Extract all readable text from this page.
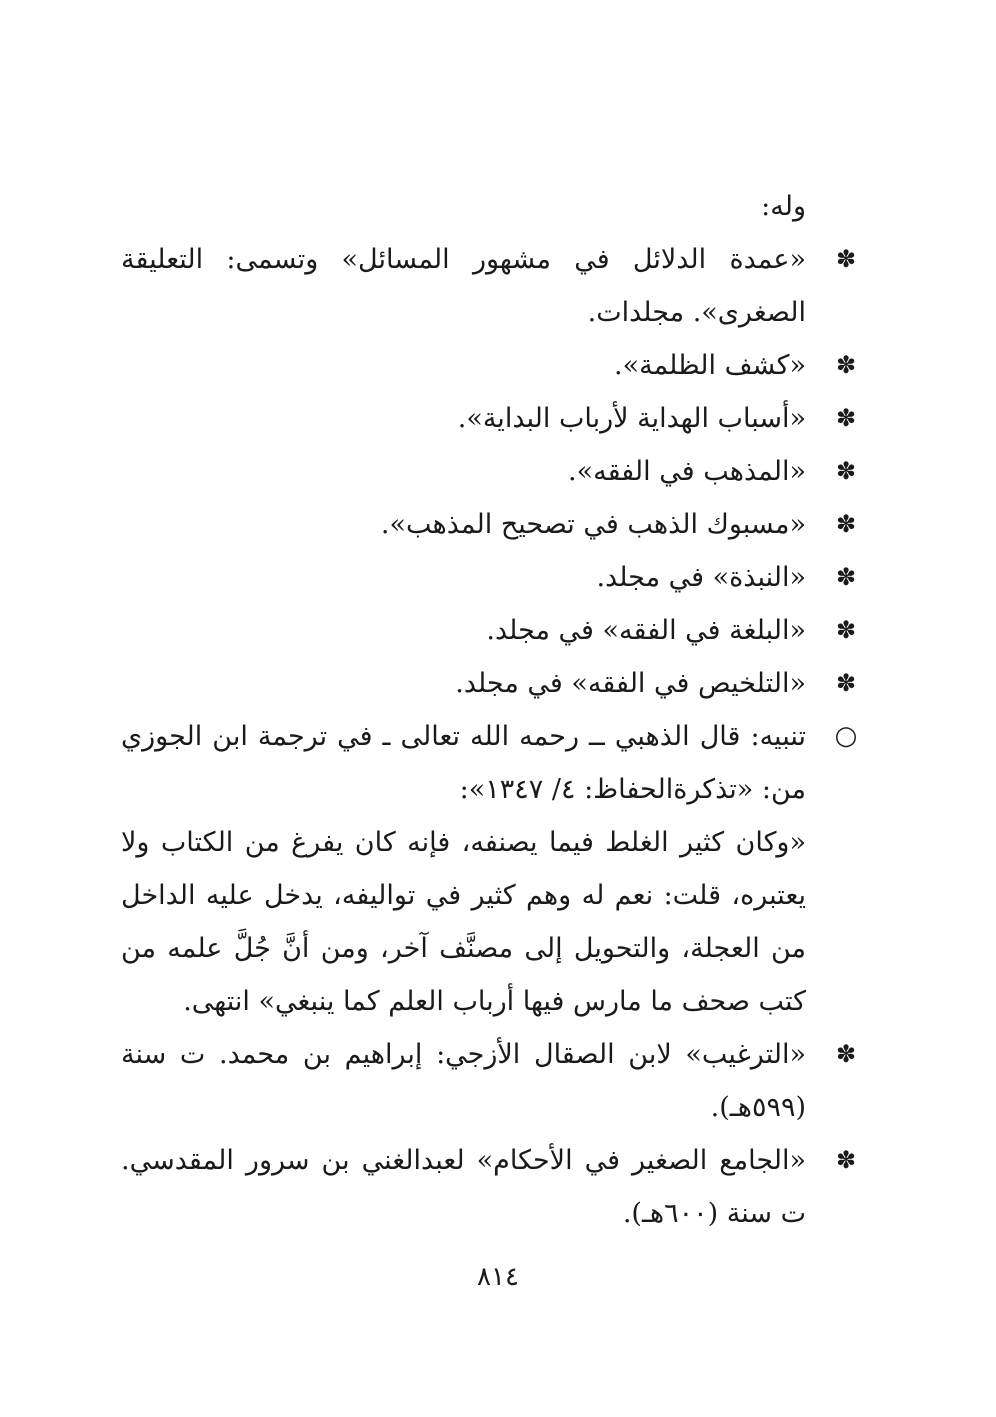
وله:

✽

«عمدة الدلائل في مشهور المسائل» وتسمى: التعليقة الصغرى». مجلدات.

✽

«كشف الظلمة».

✽

«أسباب الهداية لأرباب البداية».

✽

«المذهب في الفقه».

✽

«مسبوك الذهب في تصحيح المذهب».

✽

«النبذة» في مجلد.

✽

«البلغة في الفقه» في مجلد.

✽

«التلخيص في الفقه» في مجلد.

○

تنبيه: قال الذهبي ــ رحمه الله تعالى ـ في ترجمة ابن الجوزي من: «تذكرةالحفاظ: ٤/ ١٣٤٧»:

«وكان كثير الغلط فيما يصنفه، فإنه كان يفرغ من الكتاب ولا يعتبره، قلت: نعم له وهم كثير في تواليفه، يدخل عليه الداخل من العجلة، والتحويل إلى مصنَّف آخر، ومن أنَّ جُلَّ علمه من كتب صحف ما مارس فيها أرباب العلم كما ينبغي» انتهى.

✽

«الترغيب» لابن الصقال الأزجي: إبراهيم بن محمد. ت سنة (٥٩٩هـ).

✽

«الجامع الصغير في الأحكام» لعبدالغني بن سرور المقدسي. ت سنة (٦٠٠هـ).

٨١٤
